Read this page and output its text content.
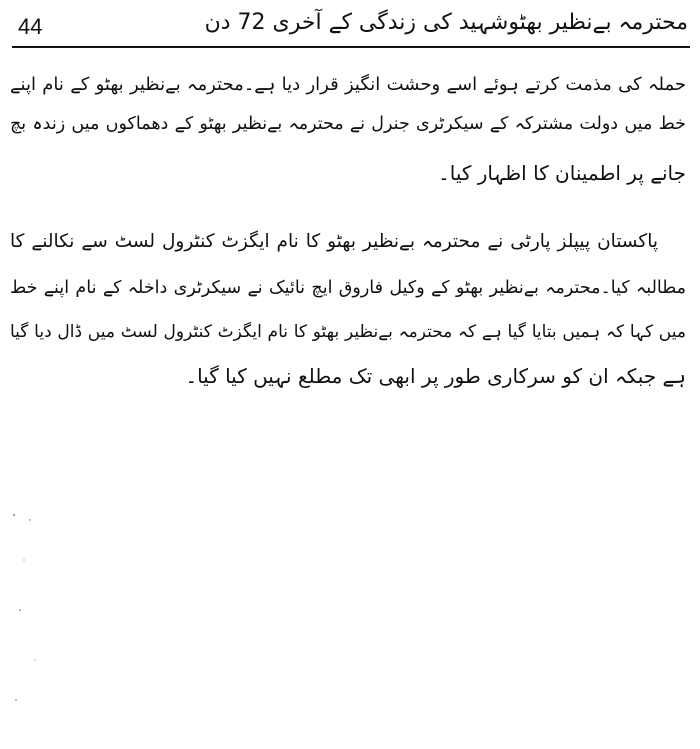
44	محترمہ بےنظیر بھٹوشہید کی زندگی کے آخری 72 دن
حملہ کی مذمت کرتے ہوئے اسے وحشت انگیز قرار دیا ہے۔محترمہ بےنظیر بھٹو کے نام اپنے
خط میں دولت مشترکہ کے سیکرٹری جنرل نے محترمہ بےنظیر بھٹو کے دھماکوں میں زندہ بچ
جانے پر اطمینان کا اظہار کیا۔
پاکستان پیپلز پارٹی نے محترمہ بےنظیر بھٹو کا نام ایگزٹ کنٹرول لسٹ سے نکالنے کا
مطالبہ کیا۔محترمہ بےنظیر بھٹو کے وکیل فاروق ایچ نائیک نے سیکرٹری داخلہ کے نام اپنے خط
میں کہا کہ ہمیں بتایا گیا ہے کہ محترمہ بےنظیر بھٹو کا نام ایگزٹ کنٹرول لسٹ میں ڈال دیا گیا
ہے جبکہ ان کو سرکاری طور پر ابھی تک مطلع نہیں کیا گیا۔
